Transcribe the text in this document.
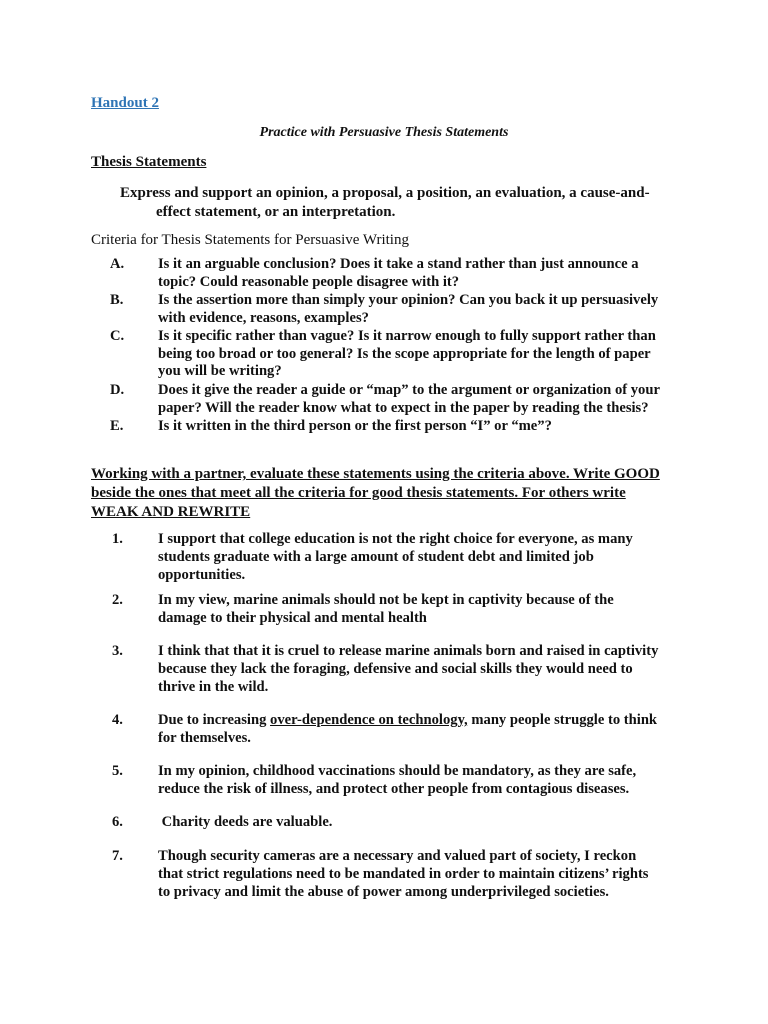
Handout 2
Practice with Persuasive Thesis Statements
Thesis Statements
Express and support an opinion, a proposal, a position, an evaluation, a cause-and-
effect statement, or an interpretation.
Criteria for Thesis Statements for Persuasive Writing
A.	Is it an arguable conclusion? Does it take a stand rather than just announce a
topic? Could reasonable people disagree with it?
B.	Is the assertion more than simply your opinion? Can you back it up persuasively
with evidence, reasons, examples?
C.	Is it specific rather than vague? Is it narrow enough to fully support rather than
being too broad or too general? Is the scope appropriate for the length of paper
you will be writing?
D.	Does it give the reader a guide or “map” to the argument or organization of your
paper? Will the reader know what to expect in the paper by reading the thesis?
E.	Is it written in the third person or the first person “I” or “me”?
Working with a partner, evaluate these statements using the criteria above. Write GOOD
beside the ones that meet all the criteria for good thesis statements. For others write
WEAK AND REWRITE
1.	I support that college education is not the right choice for everyone, as many
students graduate with a large amount of student debt and limited job
opportunities.
2.	In my view, marine animals should not be kept in captivity because of the
damage to their physical and mental health
3.	I think that that it is cruel to release marine animals born and raised in captivity
because they lack the foraging, defensive and social skills they would need to
thrive in the wild.
4.	Due to increasing over-dependence on technology, many people struggle to think
for themselves.
5.	In my opinion, childhood vaccinations should be mandatory, as they are safe,
reduce the risk of illness, and protect other people from contagious diseases.
6.	Charity deeds are valuable.
7.	Though security cameras are a necessary and valued part of society, I reckon
that strict regulations need to be mandated in order to maintain citizens’ rights
to privacy and limit the abuse of power among underprivileged societies.
